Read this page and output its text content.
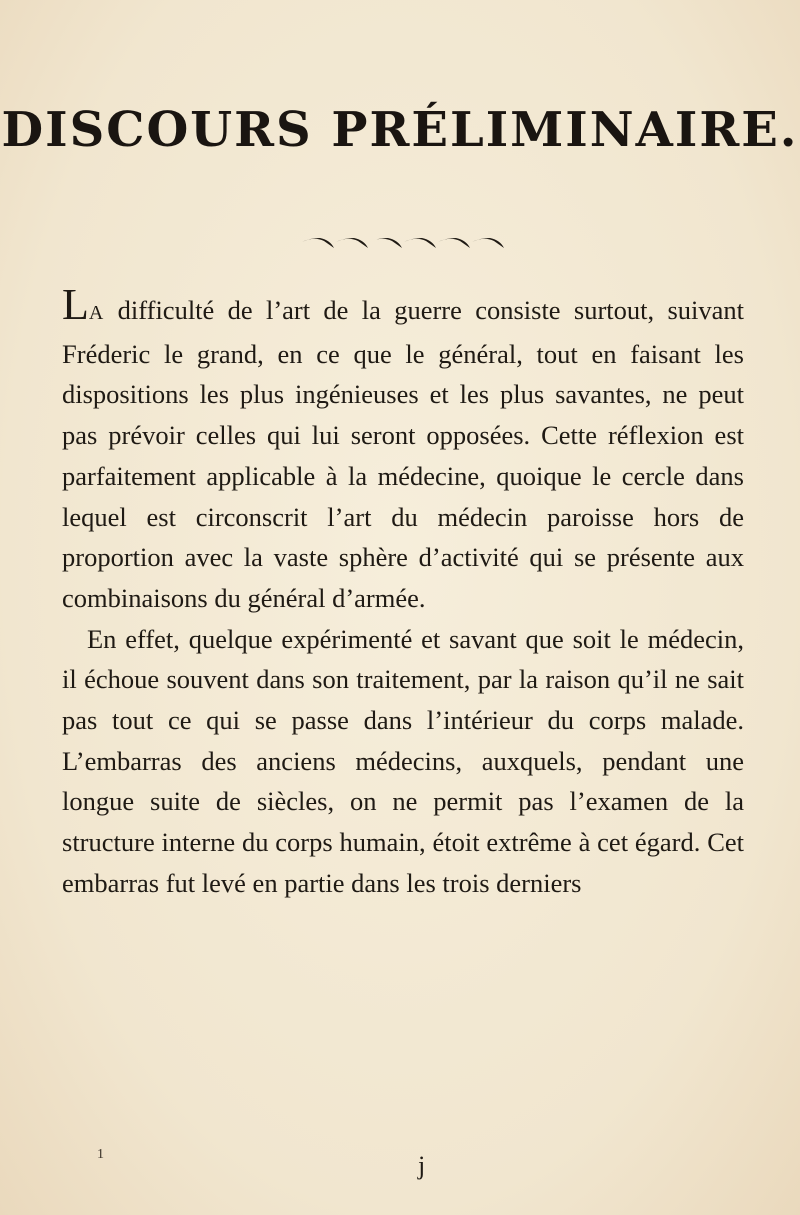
DISCOURS PRÉLIMINAIRE.

LA difficulté de l’art de la guerre consiste surtout, suivant Fréderic le grand, en ce que le général, tout en faisant les dispositions les plus ingénieuses et les plus savantes, ne peut pas prévoir celles qui lui seront opposées. Cette réflexion est parfaitement applicable à la médecine, quoique le cercle dans lequel est circonscrit l’art du médecin paroisse hors de proportion avec la vaste sphère d’activité qui se présente aux combinaisons du général d’armée.

En effet, quelque expérimenté et savant que soit le médecin, il échoue souvent dans son traitement, par la raison qu’il ne sait pas tout ce qui se passe dans l’intérieur du corps malade. L’embarras des anciens médecins, auxquels, pendant une longue suite de siècles, on ne permit pas l’examen de la structure interne du corps humain, étoit extrême à cet égard. Cet embarras fut levé en partie dans les trois derniers

1	j
